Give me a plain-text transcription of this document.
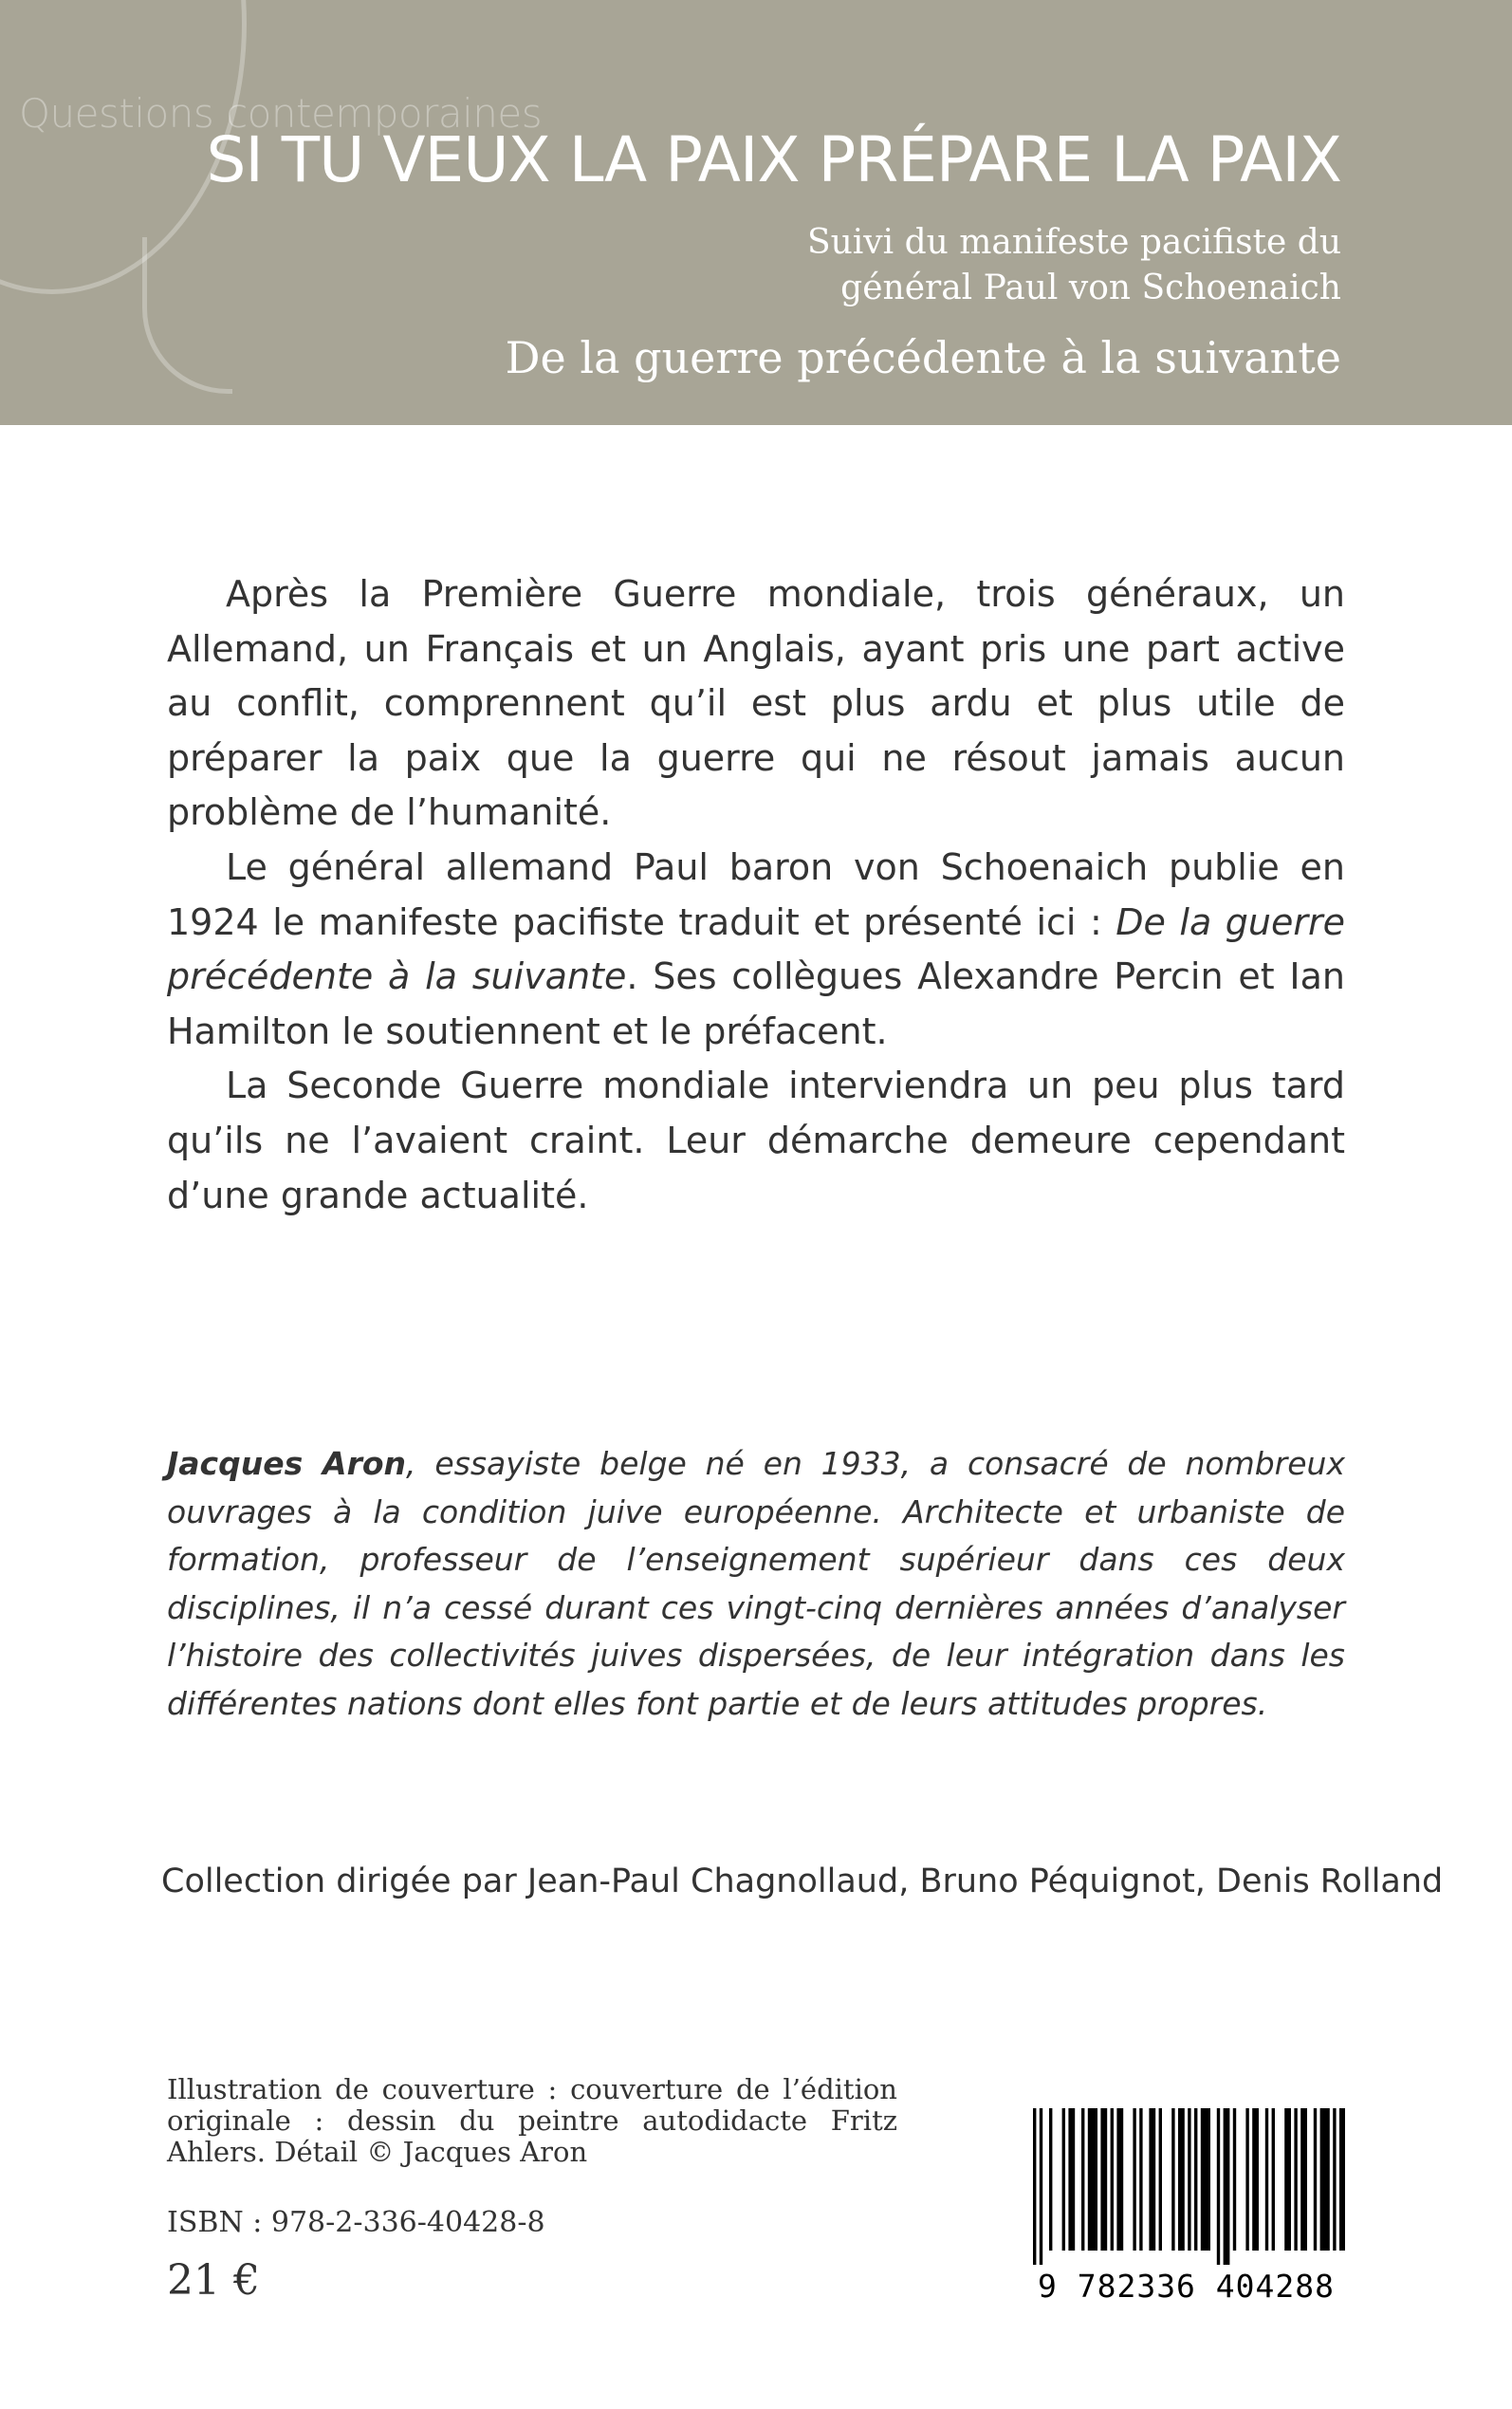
Questions contemporaines
SI TU VEUX LA PAIX PRÉPARE LA PAIX
Suivi du manifeste pacifiste du général Paul von Schoenaich
De la guerre précédente à la suivante

Après la Première Guerre mondiale, trois généraux, un Allemand, un Français et un Anglais, ayant pris une part active au conflit, comprennent qu’il est plus ardu et plus utile de préparer la paix que la guerre qui ne résout jamais aucun problème de l’humanité.

Le général allemand Paul baron von Schoenaich publie en 1924 le manifeste pacifiste traduit et présenté ici : De la guerre précédente à la suivante. Ses collègues Alexandre Percin et Ian Hamilton le soutiennent et le préfacent.

La Seconde Guerre mondiale interviendra un peu plus tard qu’ils ne l’avaient craint. Leur démarche demeure cependant d’une grande actualité.

Jacques Aron, essayiste belge né en 1933, a consacré de nombreux ouvrages à la condition juive européenne. Architecte et urbaniste de formation, professeur de l’enseignement supérieur dans ces deux disciplines, il n’a cessé durant ces vingt-cinq dernières années d’analyser l’histoire des collectivités juives dispersées, de leur intégration dans les différentes nations dont elles font partie et de leurs attitudes propres.
Collection dirigée par Jean-Paul Chagnollaud, Bruno Péquignot, Denis Rolland
Illustration de couverture : couverture de l’édition originale : dessin du peintre autodidacte Fritz Ahlers. Détail © Jacques Aron
ISBN : 978-2-336-40428-8
21 €	9 782336 404288
